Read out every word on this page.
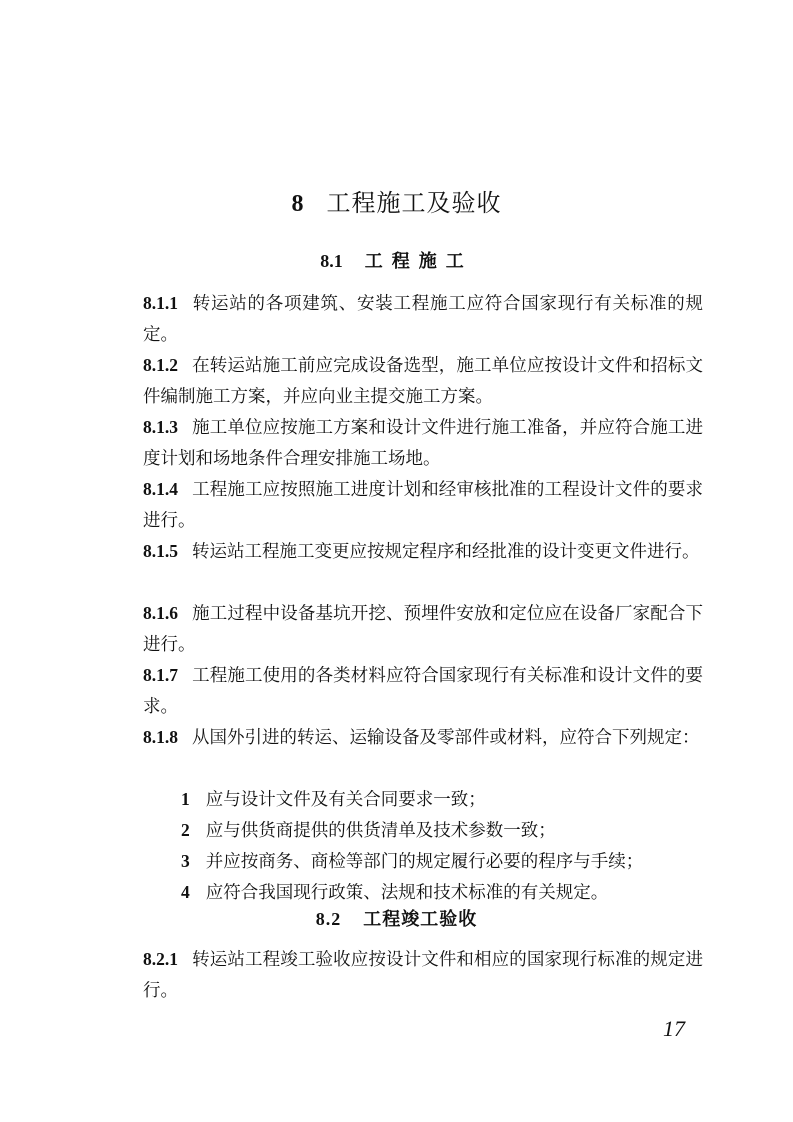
8 工程施工及验收
8.1 工程施工
8.1.1 转运站的各项建筑、安装工程施工应符合国家现行有关标准的规定。
8.1.2 在转运站施工前应完成设备选型，施工单位应按设计文件和招标文件编制施工方案，并应向业主提交施工方案。
8.1.3 施工单位应按施工方案和设计文件进行施工准备，并应符合施工进度计划和场地条件合理安排施工场地。
8.1.4 工程施工应按照施工进度计划和经审核批准的工程设计文件的要求进行。
8.1.5 转运站工程施工变更应按规定程序和经批准的设计变更文件进行。
8.1.6 施工过程中设备基坑开挖、预埋件安放和定位应在设备厂家配合下进行。
8.1.7 工程施工使用的各类材料应符合国家现行有关标准和设计文件的要求。
8.1.8 从国外引进的转运、运输设备及零部件或材料，应符合下列规定：
1 应与设计文件及有关合同要求一致；
2 应与供货商提供的供货清单及技术参数一致；
3 并应按商务、商检等部门的规定履行必要的程序与手续；
4 应符合我国现行政策、法规和技术标准的有关规定。
8.2 工程竣工验收
8.2.1 转运站工程竣工验收应按设计文件和相应的国家现行标准的规定进行。
17
